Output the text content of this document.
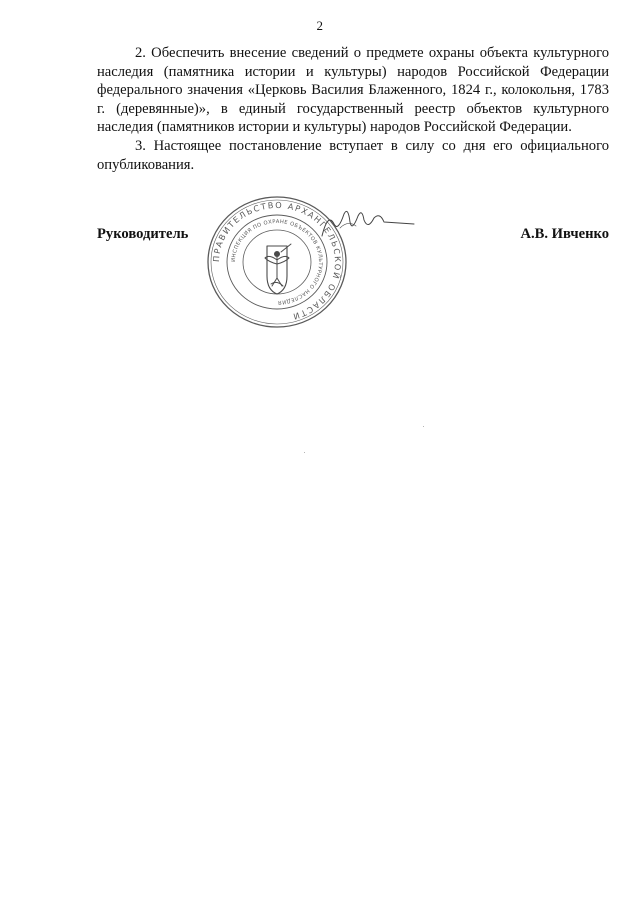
2

2. Обеспечить внесение сведений о предмете охраны объекта культурного наследия (памятника истории и культуры) народов Российской Федерации федерального значения «Церковь Василия Блаженного, 1824 г., колокольня, 1783 г. (деревянные)», в единый государственный реестр объектов культурного наследия (памятников истории и культуры) народов Российской Федерации.

3. Настоящее постановление вступает в силу со дня его официального опубликования.

Руководитель	А.В. Ивченко
ПРАВИТЕЛЬСТВО АРХАНГЕЛЬСКОЙ ОБЛАСТИ
ИНСПЕКЦИЯ ПО ОХРАНЕ ОБЪЕКТОВ КУЛЬТУРНОГО НАСЛЕДИЯ
